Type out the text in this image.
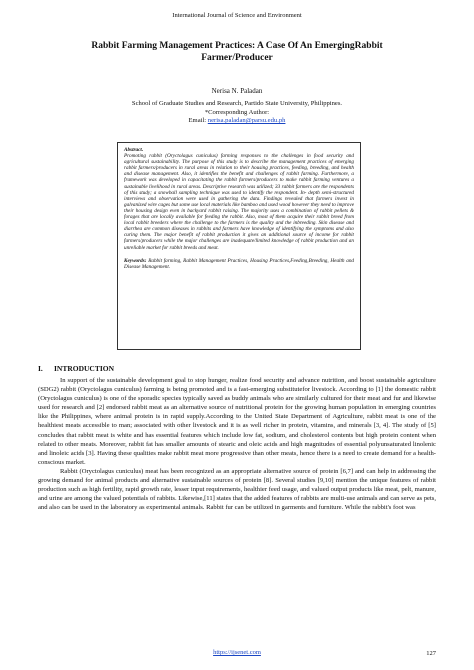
International Journal of Science and Environment
Rabbit Farming Management Practices: A Case Of An EmergingRabbit Farmer/Producer
Nerisa N. Paladan
School of Graduate Studies and Research, Partido State University, Philippines.
*Corresponding Author:
Email: nerisa.paladan@parsu.edu.ph
Abstract.
Promoting rabbit (Oryctolagus cuniculus) farming responses to the challenges in food security and agricultural sustainability. The purpose of this study is to describe the management practices of emerging rabbit farmers/producers in rural areas in relation to their housing practices, feeding, breeding, and health and disease management. Also, it identifies the benefit and challenges of rabbit farming. Furthermore, a framework was developed in capacitating the rabbit farmers/producers to make rabbit farming ventures a sustainable livelihood in rural areas. Descriptive research was utilized; 33 rabbit farmers are the respondents of this study; a snowball sampling technique was used to identify the respondent. In- depth semi-structured interviews and observation were used in gathering the data. Findings revealed that farmers invest in galvanized wire cages but some use local materials like bamboo and used wood however they need to improve their housing design even in backyard rabbit raising. The majority uses a combination of rabbit pellets & forages that are locally available for feeding the rabbit. Also, most of them acquire their rabbit breed from local rabbit breeders where the challenge to the farmers is the quality and the inbreeding. Skin disease and diarrhea are common diseases in rabbits and farmers have knowledge of identifying the symptoms and also curing them. The major benefit of rabbit production it gives an additional source of income for rabbit farmers/producers while the major challenges are inadequate/limited knowledge of rabbit production and an unreliable market for rabbit breeds and meat.
Keywords: Rabbit farming, Rabbit Management Practices, Housing Practices,Feeding,Breeding, Health and Disease Management.
I. INTRODUCTION

In support of the sustainable development goal to stop hunger, realize food security and advance nutrition, and boost sustainable agriculture (SDG2) rabbit (Oryctolagus cuniculus) farming is being promoted and is a fast-emerging substitutefor livestock. According to [1] the domestic rabbit (Oryctolagus cuniculus) is one of the sporadic species typically saved as buddy animals who are similarly cultured for their meat and fur and likewise used for research and [2] endorsed rabbit meat as an alternative source of nutritional protein for the growing human population in emerging countries like the Philippines, where animal protein is in rapid supply.According to the United State Department of Agriculture, rabbit meat is one of the healthiest meats accessible to man; associated with other livestock and it is as well richer in protein, vitamins, and minerals [3, 4]. The study of [5] concludes that rabbit meat is white and has essential features which include low fat, sodium, and cholesterol contents but high protein content when related to other meats. Moreover, rabbit fat has smaller amounts of stearic and oleic acids and high magnitudes of essential polyunsaturated linolenic and linoleic acids [3]. Having these qualities make rabbit meat more progressive than other meats, hence there is a need to create demand for a health-conscious market.

Rabbit (Oryctolagus cuniculus) meat has been recognized as an appropriate alternative source of protein [6,7] and can help in addressing the growing demand for animal products and alternative sustainable sources of protein [8]. Several studies [9,10] mention the unique features of rabbit production such as high fertility, rapid growth rate, lesser input requirements, healthier feed usage, and valued output products like meat, pelt, manure, and urine are among the valued potentials of rabbits. Likewise,[11] states that the added features of rabbits are multi-use animals and can serve as pets, and also can be used in the laboratory as experimental animals. Rabbit fur can be utilized in garments and furniture. While the rabbit's foot was

https://ijsenet.com	127
